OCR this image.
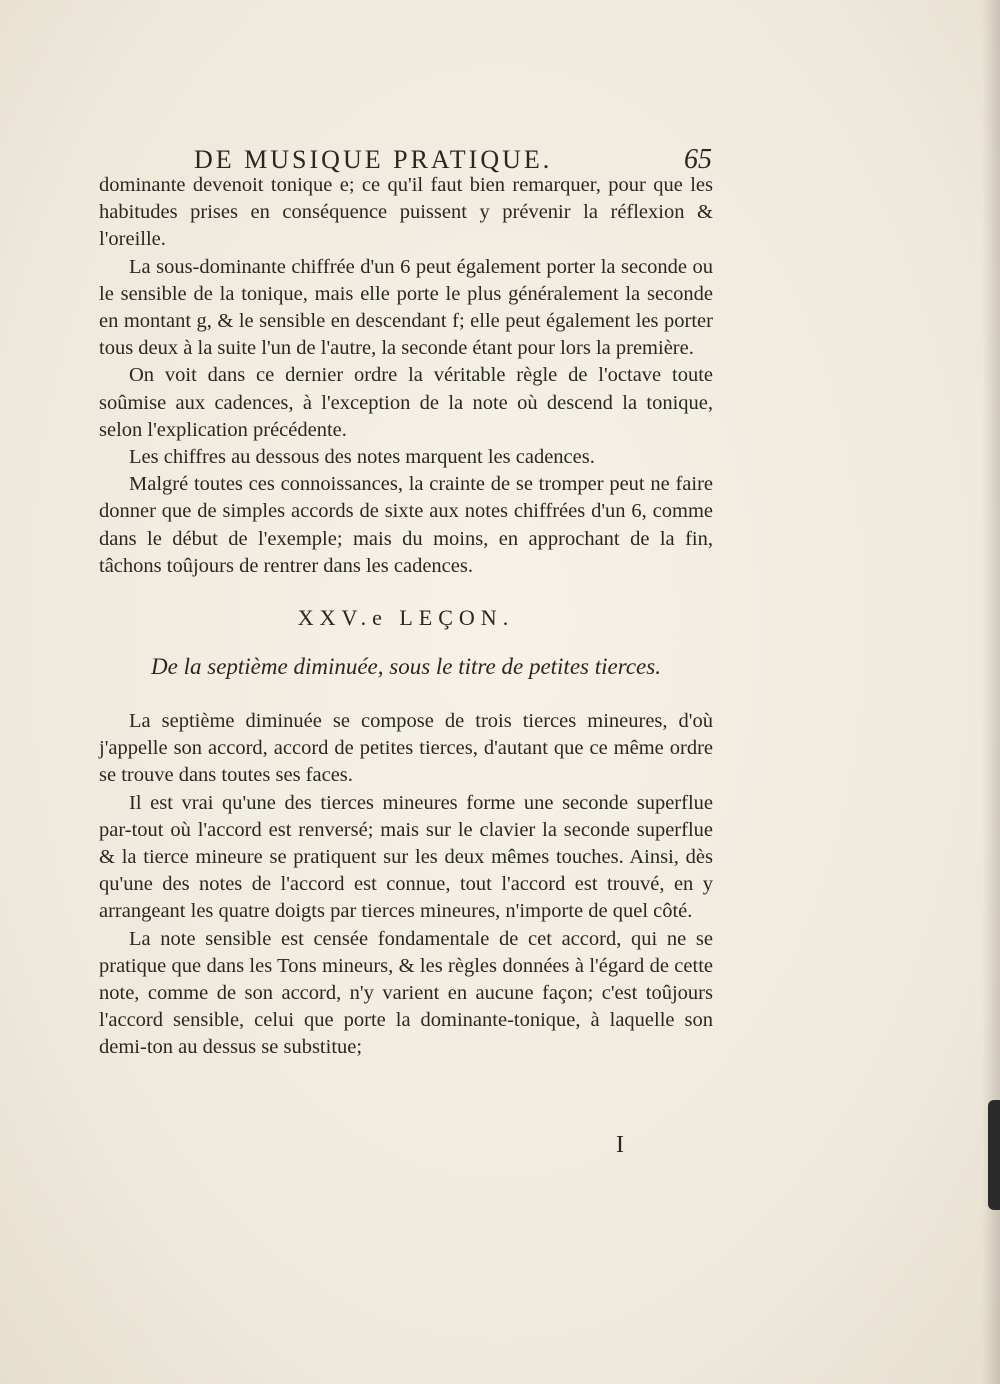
DE MUSIQUE PRATIQUE.	65

dominante devenoit tonique e; ce qu'il faut bien remarquer, pour que les habitudes prises en conséquence puissent y prévenir la réflexion & l'oreille.

La sous-dominante chiffrée d'un 6 peut également porter la seconde ou le sensible de la tonique, mais elle porte le plus généralement la seconde en montant g, & le sensible en descendant f; elle peut également les porter tous deux à la suite l'un de l'autre, la seconde étant pour lors la première.

On voit dans ce dernier ordre la véritable règle de l'octave toute soûmise aux cadences, à l'exception de la note où descend la tonique, selon l'explication précédente.

Les chiffres au dessous des notes marquent les cadences.

Malgré toutes ces connoissances, la crainte de se tromper peut ne faire donner que de simples accords de sixte aux notes chiffrées d'un 6, comme dans le début de l'exemple; mais du moins, en approchant de la fin, tâchons toûjours de rentrer dans les cadences.

XXV.e LEÇON.
De la septième diminuée, sous le titre de petites tierces.

La septième diminuée se compose de trois tierces mineures, d'où j'appelle son accord, accord de petites tierces, d'autant que ce même ordre se trouve dans toutes ses faces.

Il est vrai qu'une des tierces mineures forme une seconde superflue par-tout où l'accord est renversé; mais sur le clavier la seconde superflue & la tierce mineure se pratiquent sur les deux mêmes touches. Ainsi, dès qu'une des notes de l'accord est connue, tout l'accord est trouvé, en y arrangeant les quatre doigts par tierces mineures, n'importe de quel côté.

La note sensible est censée fondamentale de cet accord, qui ne se pratique que dans les Tons mineurs, & les règles données à l'égard de cette note, comme de son accord, n'y varient en aucune façon; c'est toûjours l'accord sensible, celui que porte la dominante-tonique, à laquelle son demi-ton au dessus se substitue;

I
